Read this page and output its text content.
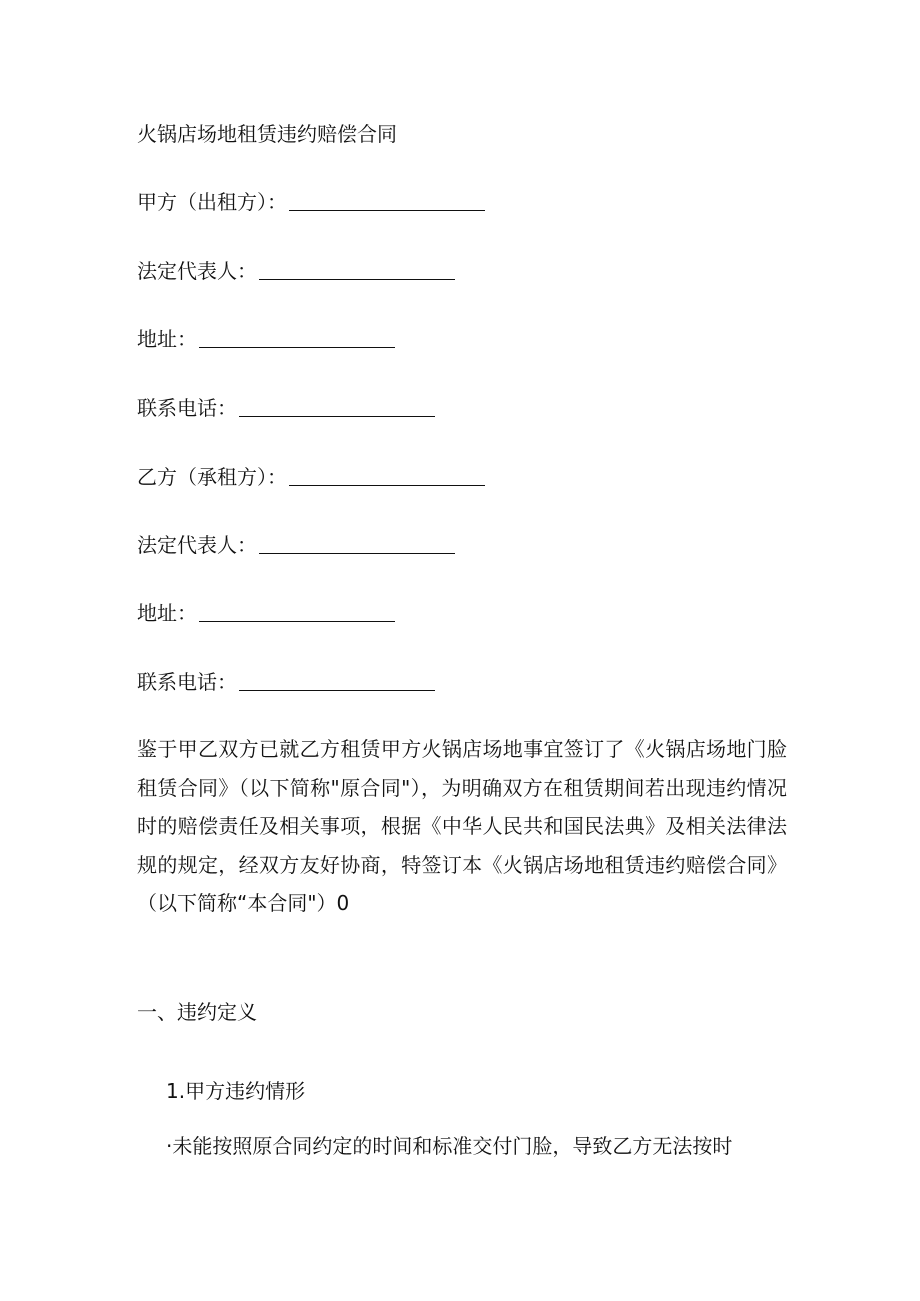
火锅店场地租赁违约赔偿合同
甲方（出租方）：
法定代表人：
地址：
联系电话：
乙方（承租方）：
法定代表人：
地址：
联系电话：
鉴于甲乙双方已就乙方租赁甲方火锅店场地事宜签订了《火锅店场地门脸租赁合同》（以下简称"原合同"），为明确双方在租赁期间若出现违约情况时的赔偿责任及相关事项，根据《中华人民共和国民法典》及相关法律法规的规定，经双方友好协商，特签订本《火锅店场地租赁违约赔偿合同》（以下简称“本合同"）0
一、违约定义
1.甲方违约情形
·未能按照原合同约定的时间和标准交付门脸，导致乙方无法按时
